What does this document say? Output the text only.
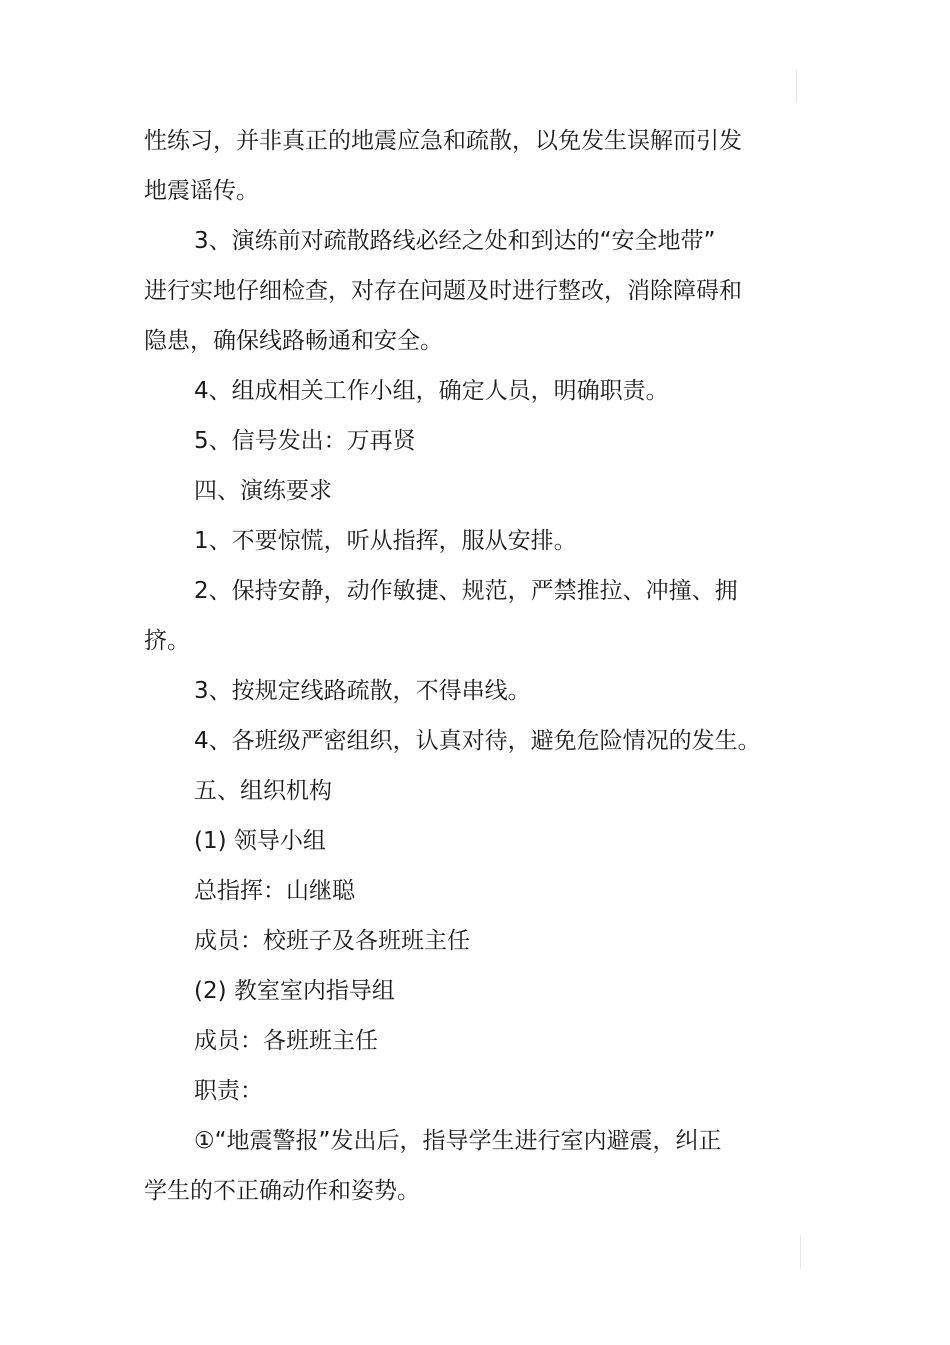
性练习，并非真正的地震应急和疏散，以免发生误解而引发
地震谣传。
3、演练前对疏散路线必经之处和到达的“安全地带”
进行实地仔细检查，对存在问题及时进行整改，消除障碍和
隐患，确保线路畅通和安全。
4、组成相关工作小组，确定人员，明确职责。
5、信号发出：万再贤
四、演练要求
1、不要惊慌，听从指挥，服从安排。
2、保持安静，动作敏捷、规范，严禁推拉、冲撞、拥
挤。
3、按规定线路疏散，不得串线。
4、各班级严密组织，认真对待，避免危险情况的发生。
五、组织机构
(1) 领导小组
总指挥：山继聪
成员：校班子及各班班主任
(2) 教室室内指导组
成员：各班班主任
职责：
①“地震警报”发出后，指导学生进行室内避震，纠正
学生的不正确动作和姿势。
